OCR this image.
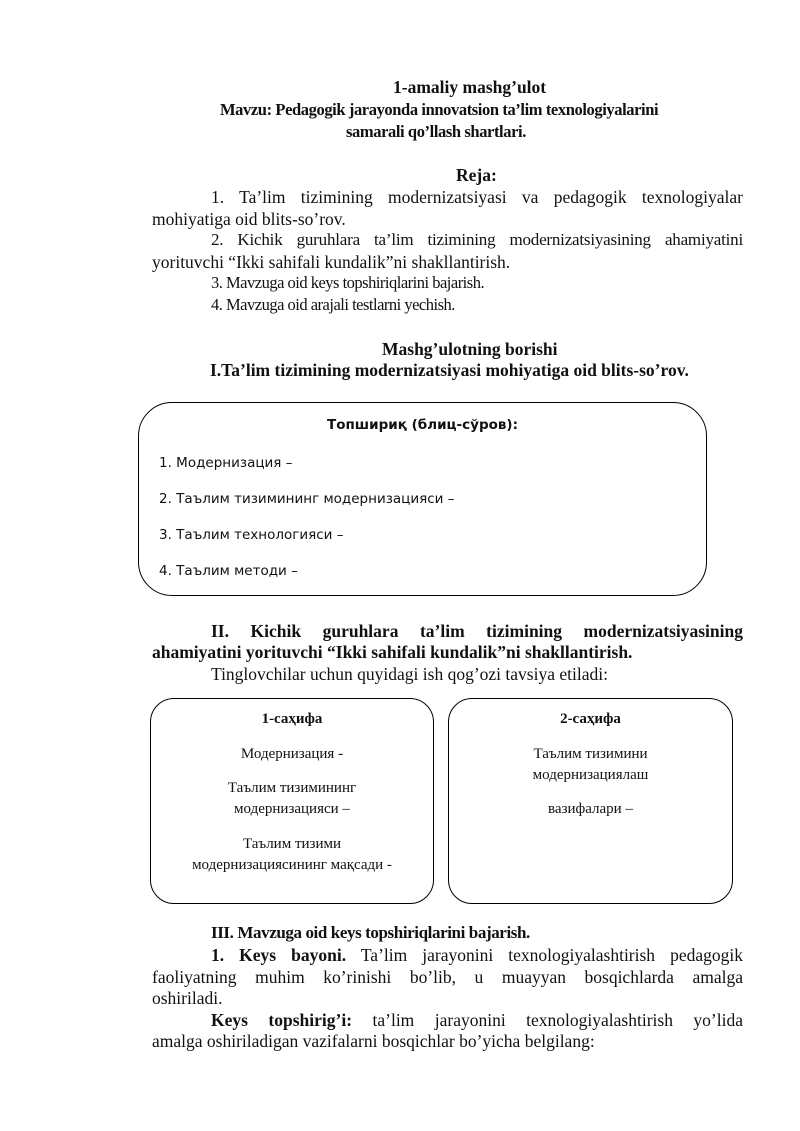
1-amaliy mashg’ulot
Mavzu: Pedagogik jarayonda innovatsion ta’lim texnologiyalarini
samarali qo’llash shartlari.
Reja:
1. Ta’lim tizimining modernizatsiyasi va pedagogik texnologiyalar
mohiyatiga oid blits-so’rov.
2. Kichik guruhlara ta’lim tizimining modernizatsiyasining ahamiyatini
yorituvchi “Ikki sahifali kundalik”ni shakllantirish.
3. Mavzuga oid keys topshiriqlarini bajarish.
4. Mavzuga oid arajali testlarni yechish.
Mashg’ulotning borishi
I.Ta’lim tizimining modernizatsiyasi mohiyatiga oid blits-so’rov.
Топшириқ (блиц-сўров):
1. Модернизация –
2. Таълим тизимининг модернизацияси –
3. Таълим технологияси –
4. Таълим методи –
II. Kichik guruhlara ta’lim tizimining modernizatsiyasining
ahamiyatini yorituvchi “Ikki sahifali kundalik”ni shakllantirish.
Tinglovchilar uchun quyidagi ish qog’ozi tavsiya etiladi:
1-саҳифа
Модернизация -
Таълим тизимининг
модернизацияси –
Таълим тизими
модернизациясининг мақсади -
2-саҳифа
Таълим тизимини
модернизациялаш
вазифалари –
III. Mavzuga oid keys topshiriqlarini bajarish.
1. Keys bayoni. Ta’lim jarayonini texnologiyalashtirish pedagogik
faoliyatning muhim ko’rinishi bo’lib, u muayyan bosqichlarda amalga
oshiriladi.
Keys topshirig’i: ta’lim jarayonini texnologiyalashtirish yo’lida
amalga oshiriladigan vazifalarni bosqichlar bo’yicha belgilang:
